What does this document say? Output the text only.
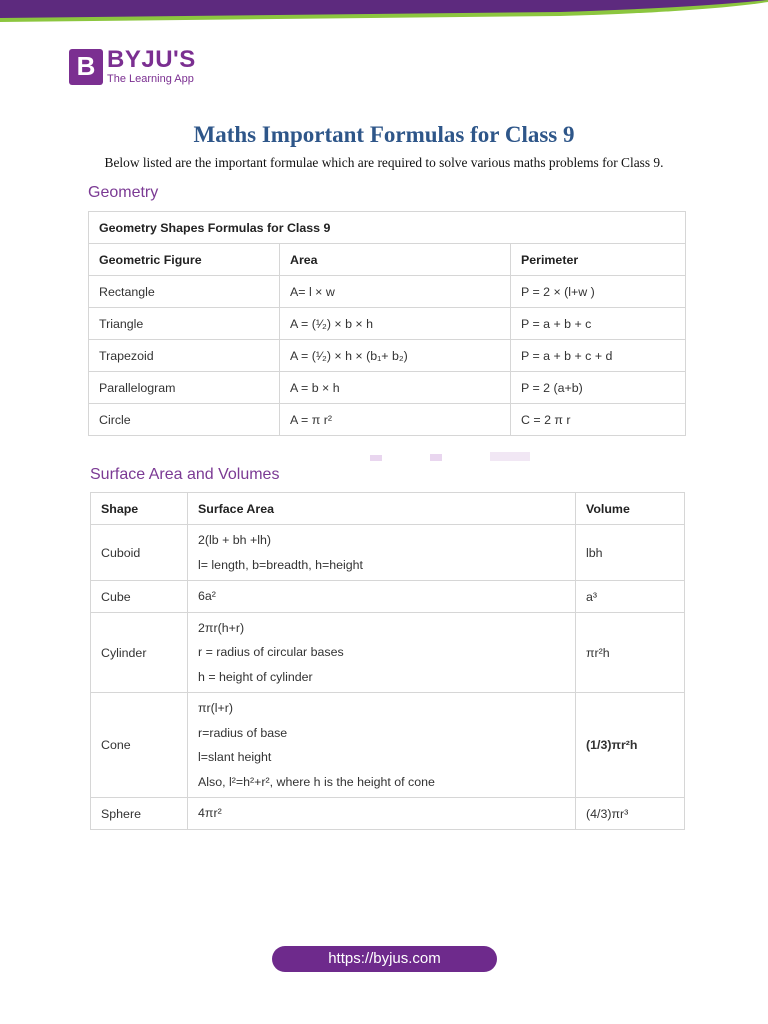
B BYJU'S
The Learning App
Maths Important Formulas for Class 9
Below listed are the important formulae which are required to solve various maths problems for Class 9.
Geometry
Geometry Shapes Formulas for Class 9		
Geometric Figure	Area	Perimeter
Rectangle	A= l × w	P = 2 × (l+w )
Triangle	A = (¹⁄₂) × b × h	P = a + b + c
Trapezoid	A = (¹⁄₂) × h × (b₁+ b₂)	P = a + b + c + d
Parallelogram	A = b × h	P = 2 (a+b)
Circle	A = π r²	C = 2 π r
Surface Area and Volumes
Shape	Surface Area	Volume
Cuboid	2(lb + bh +lh)
l= length, b=breadth, h=height	lbh
Cube	6a²	a³
Cylinder	2πr(h+r)
r = radius of circular bases
h = height of cylinder	πr²h
Cone	πr(l+r)
r=radius of base
l=slant height
Also, l²=h²+r², where h is the height of cone	(1/3)πr²h
Sphere	4πr²	(4/3)πr³
https://byjus.com
